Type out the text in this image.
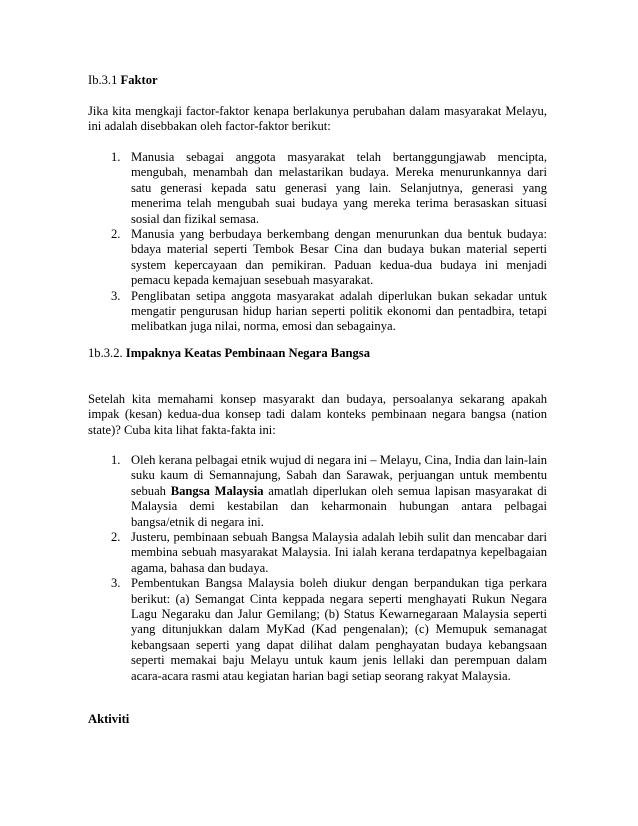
Ib.3.1 Faktor
Jika kita mengkaji factor-faktor kenapa berlakunya perubahan dalam masyarakat Melayu, ini adalah disebbakan oleh factor-faktor berikut:
1. Manusia sebagai anggota masyarakat telah bertanggungjawab mencipta, mengubah, menambah dan melastarikan budaya. Mereka menurunkannya dari satu generasi kepada satu generasi yang lain. Selanjutnya, generasi yang menerima telah mengubah suai budaya yang mereka terima berasaskan situasi sosial dan fizikal semasa.
2. Manusia yang berbudaya berkembang dengan menurunkan dua bentuk budaya: bdaya material seperti Tembok Besar Cina dan budaya bukan material seperti system kepercayaan dan pemikiran. Paduan kedua-dua budaya ini menjadi pemacu kepada kemajuan sesebuah masyarakat.
3. Penglibatan setipa anggota masyarakat adalah diperlukan bukan sekadar untuk mengatir pengurusan hidup harian seperti politik ekonomi dan pentadbira, tetapi melibatkan juga nilai, norma, emosi dan sebagainya.
1b.3.2. Impaknya Keatas Pembinaan Negara Bangsa
Setelah kita memahami konsep masyarakt dan budaya, persoalanya sekarang apakah impak (kesan) kedua-dua konsep tadi dalam konteks pembinaan negara bangsa (nation state)? Cuba kita lihat fakta-fakta ini:
1. Oleh kerana pelbagai etnik wujud di negara ini – Melayu, Cina, India dan lain-lain suku kaum di Semannajung, Sabah dan Sarawak, perjuangan untuk membentu sebuah Bangsa Malaysia amatlah diperlukan oleh semua lapisan masyarakat di Malaysia demi kestabilan dan keharmonain hubungan antara pelbagai bangsa/etnik di negara ini.
2. Justeru, pembinaan sebuah Bangsa Malaysia adalah lebih sulit dan mencabar dari membina sebuah masyarakat Malaysia. Ini ialah kerana terdapatnya kepelbagaian agama, bahasa dan budaya.
3. Pembentukan Bangsa Malaysia boleh diukur dengan berpandukan tiga perkara berikut: (a) Semangat Cinta keppada negara seperti menghayati Rukun Negara Lagu Negaraku dan Jalur Gemilang; (b) Status Kewarnegaraan Malaysia seperti yang ditunjukkan dalam MyKad (Kad pengenalan); (c) Memupuk semanagat kebangsaan seperti yang dapat dilihat dalam penghayatan budaya kebangsaan seperti memakai baju Melayu untuk kaum jenis lellaki dan perempuan dalam acara-acara rasmi atau kegiatan harian bagi setiap seorang rakyat Malaysia.
Aktiviti
